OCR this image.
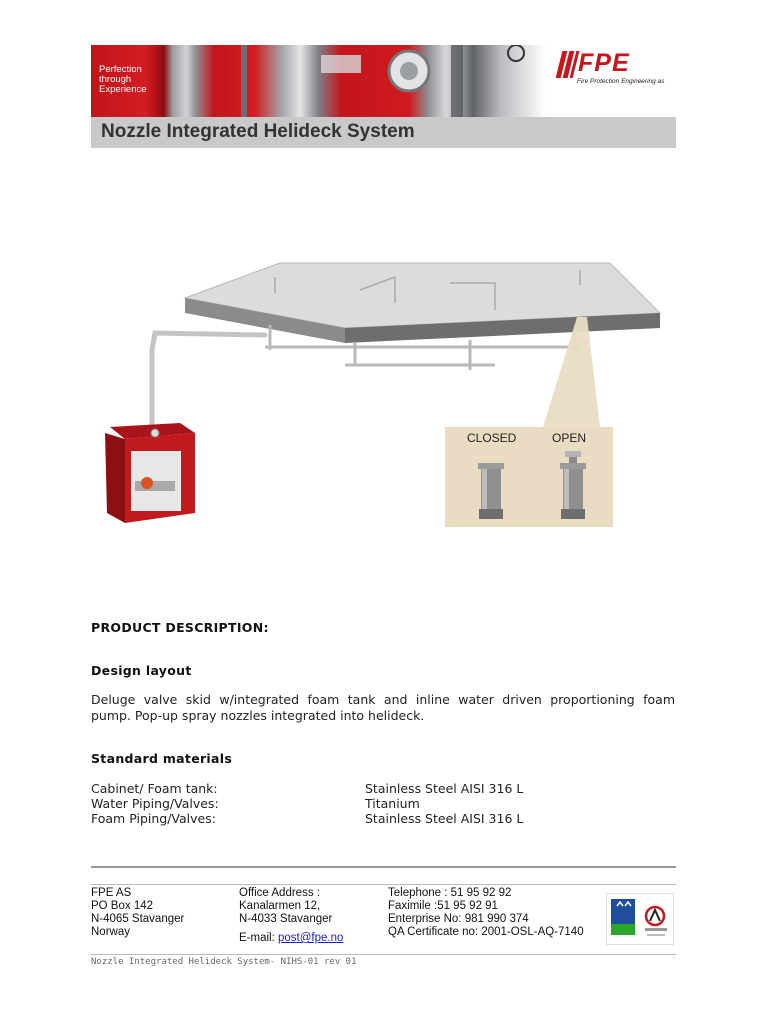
Perfection
through
Experience
FPE
Fire Protection Engineering as
Nozzle Integrated Helideck System
CLOSED	OPEN
PRODUCT DESCRIPTION:
Design layout
Deluge valve skid w/integrated foam tank and inline water driven proportioning foam
pump. Pop-up spray nozzles integrated into helideck.
Standard materials
Cabinet/ Foam tank:	Stainless Steel AISI 316 L
Water Piping/Valves:	Titanium
Foam Piping/Valves:	Stainless Steel AISI 316 L
FPE AS
PO Box 142
N-4065 Stavanger
Norway
Office Address :
Kanalarmen 12,
N-4033 Stavanger
E-mail: post@fpe.no
Telephone : 51 95 92 92
Faximile :51 95 92 91
Enterprise No: 981 990 374
QA Certificate no: 2001-OSL-AQ-7140
Nozzle Integrated Helideck System- NIHS-01 rev 01
